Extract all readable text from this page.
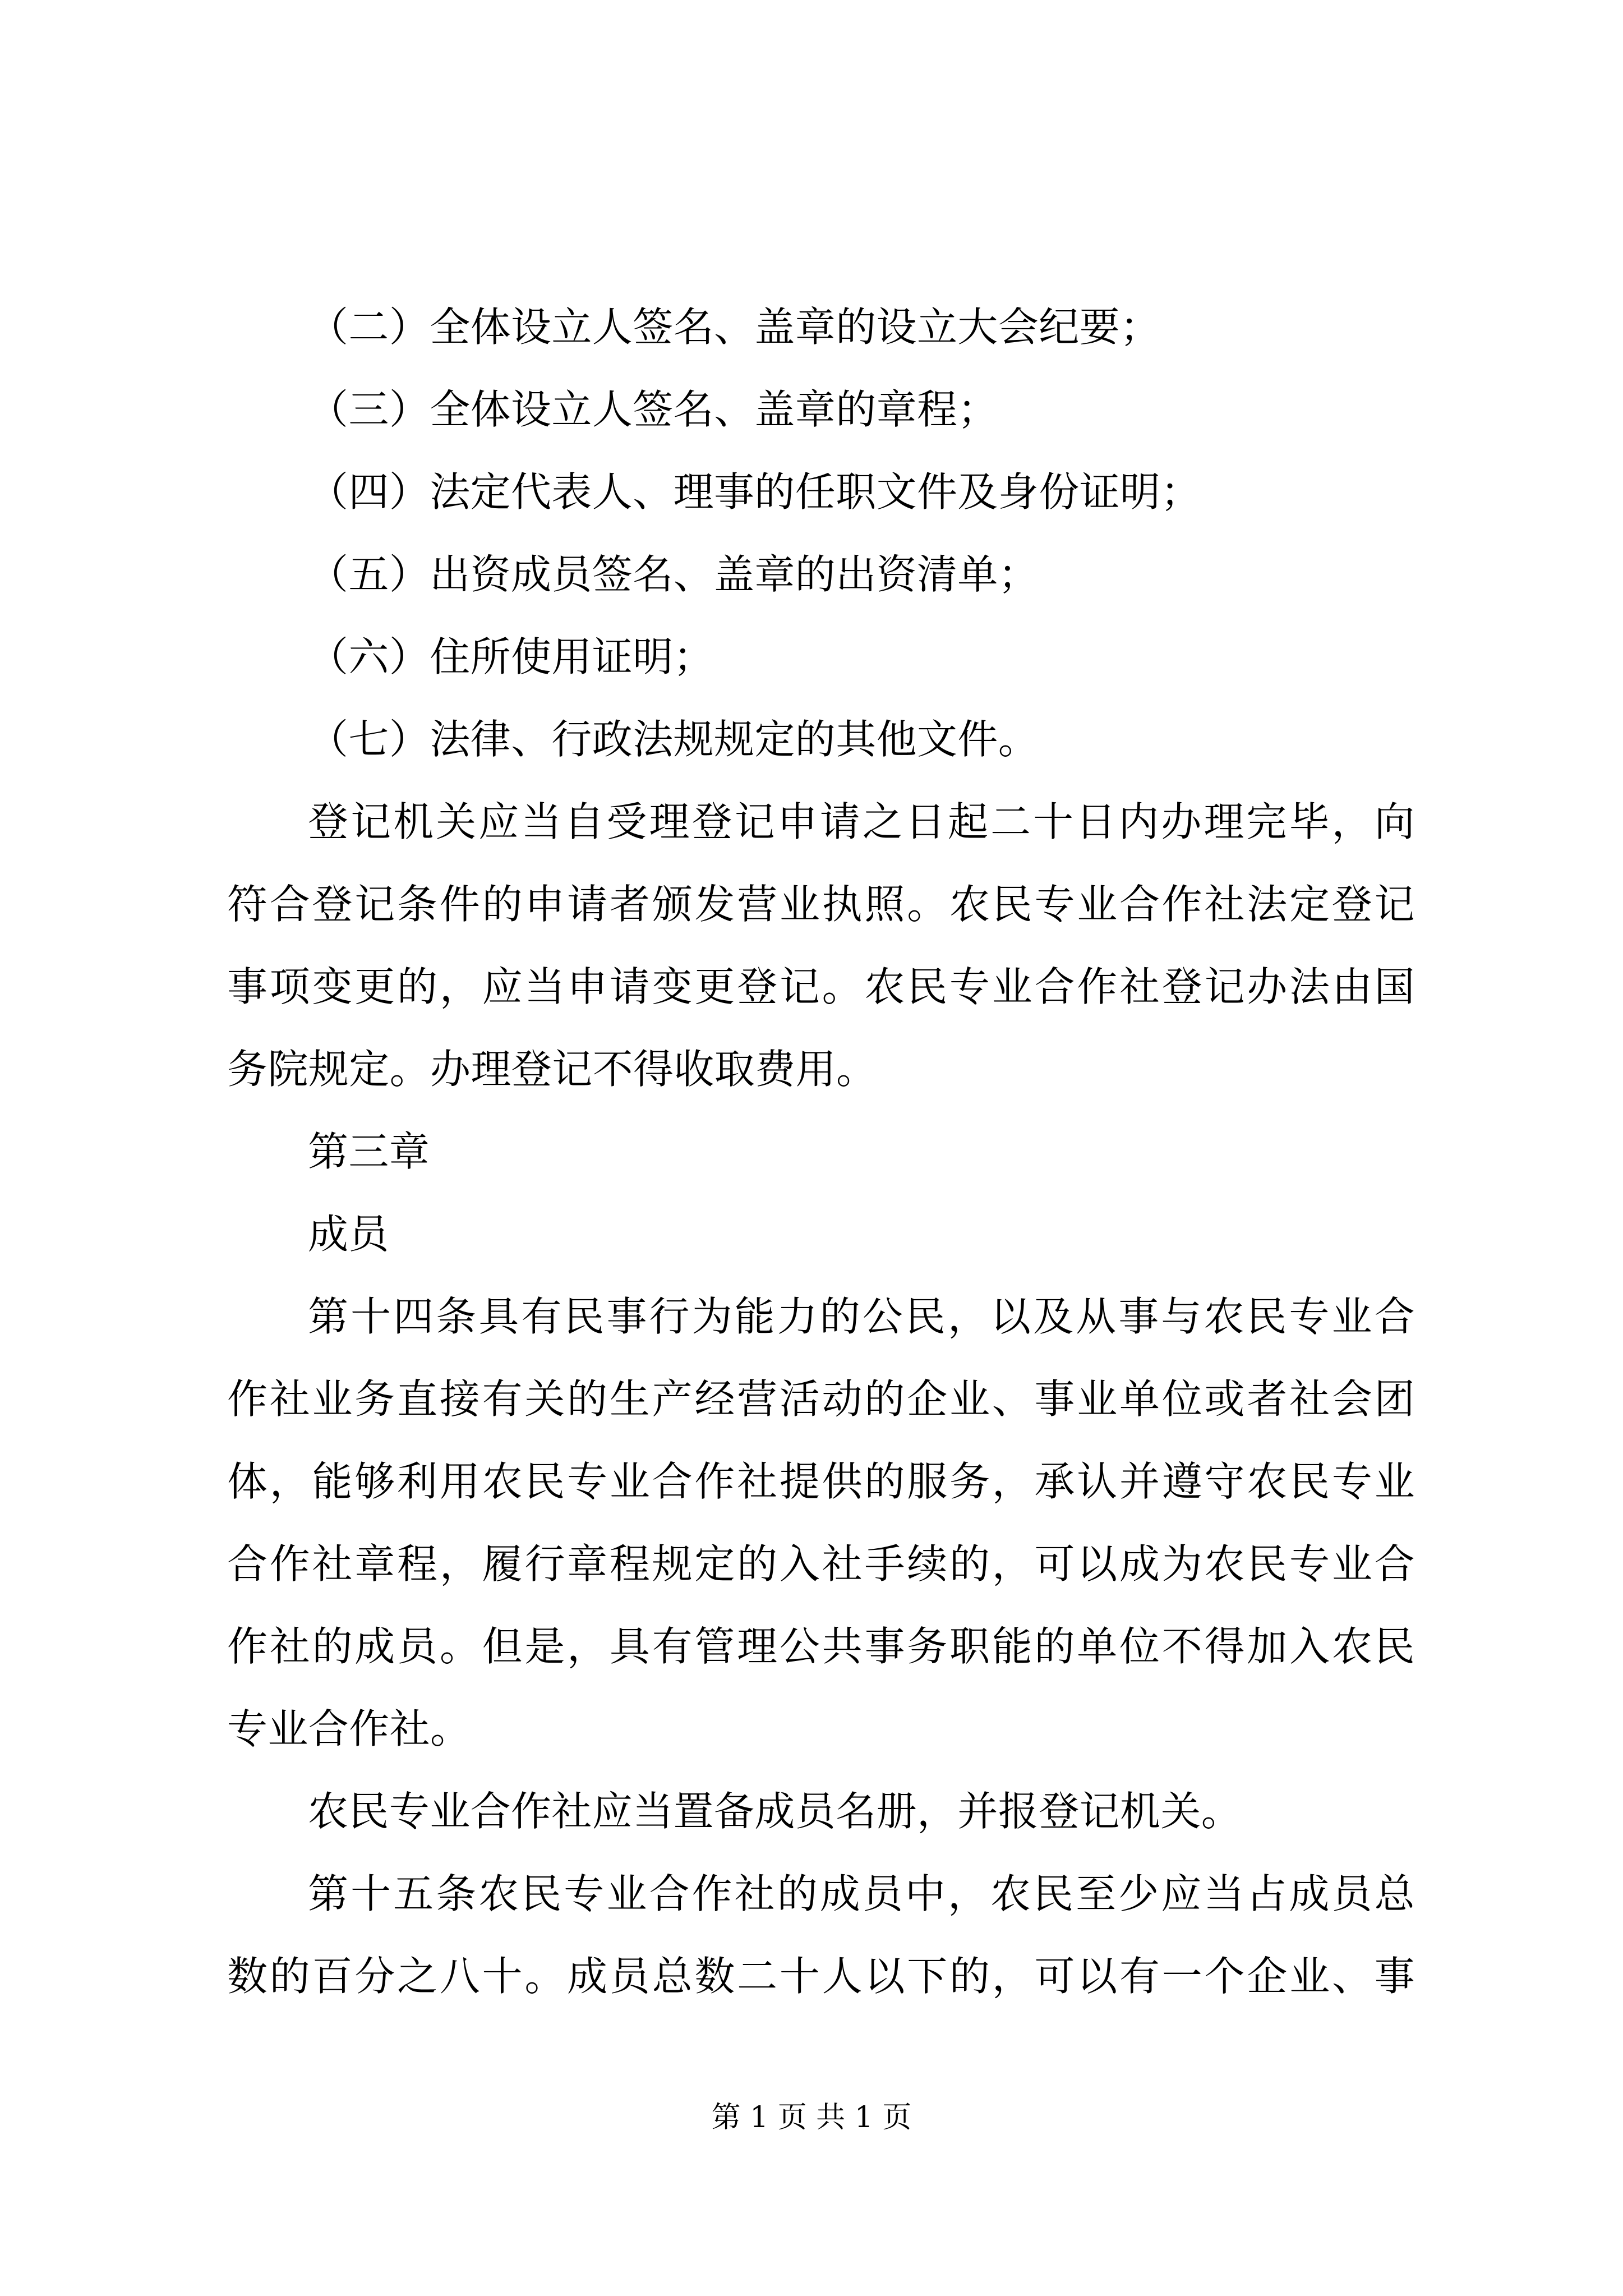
（二）全体设立人签名、盖章的设立大会纪要；
（三）全体设立人签名、盖章的章程；
（四）法定代表人、理事的任职文件及身份证明；
（五）出资成员签名、盖章的出资清单；
（六）住所使用证明；
（七）法律、行政法规规定的其他文件。
登记机关应当自受理登记申请之日起二十日内办理完毕，向
符合登记条件的申请者颁发营业执照。农民专业合作社法定登记
事项变更的，应当申请变更登记。农民专业合作社登记办法由国
务院规定。办理登记不得收取费用。
第三章
成员
第十四条具有民事行为能力的公民，以及从事与农民专业合
作社业务直接有关的生产经营活动的企业、事业单位或者社会团
体，能够利用农民专业合作社提供的服务，承认并遵守农民专业
合作社章程，履行章程规定的入社手续的，可以成为农民专业合
作社的成员。但是，具有管理公共事务职能的单位不得加入农民
专业合作社。
农民专业合作社应当置备成员名册，并报登记机关。
第十五条农民专业合作社的成员中，农民至少应当占成员总
数的百分之八十。成员总数二十人以下的，可以有一个企业、事
第 1 页 共 1 页
